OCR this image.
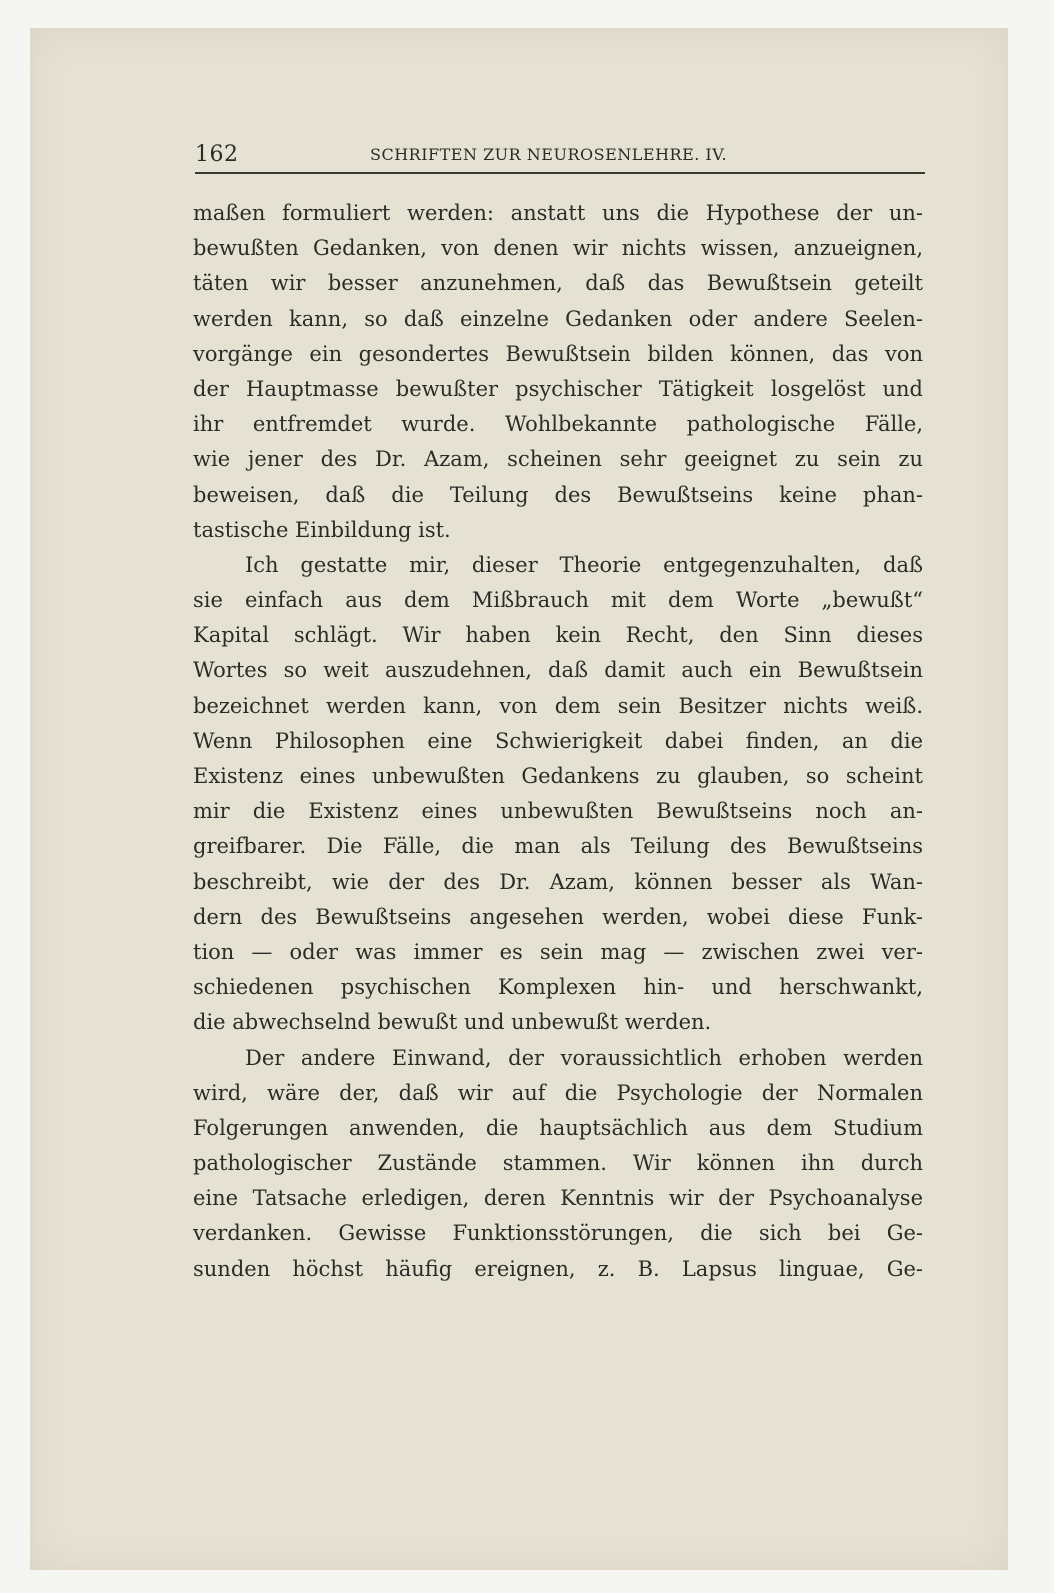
162	SCHRIFTEN ZUR NEUROSENLEHRE. IV.
maßen formuliert werden: anstatt uns die Hypothese der un-
bewußten Gedanken, von denen wir nichts wissen, anzueignen,
täten wir besser anzunehmen, daß das Bewußtsein geteilt
werden kann, so daß einzelne Gedanken oder andere Seelen-
vorgänge ein gesondertes Bewußtsein bilden können, das von
der Hauptmasse bewußter psychischer Tätigkeit losgelöst und
ihr entfremdet wurde. Wohlbekannte pathologische Fälle,
wie jener des Dr. Azam, scheinen sehr geeignet zu sein zu
beweisen, daß die Teilung des Bewußtseins keine phan-
tastische Einbildung ist.
Ich gestatte mir, dieser Theorie entgegenzuhalten, daß
sie einfach aus dem Mißbrauch mit dem Worte „bewußt“
Kapital schlägt. Wir haben kein Recht, den Sinn dieses
Wortes so weit auszudehnen, daß damit auch ein Bewußtsein
bezeichnet werden kann, von dem sein Besitzer nichts weiß.
Wenn Philosophen eine Schwierigkeit dabei finden, an die
Existenz eines unbewußten Gedankens zu glauben, so scheint
mir die Existenz eines unbewußten Bewußtseins noch an-
greifbarer. Die Fälle, die man als Teilung des Bewußtseins
beschreibt, wie der des Dr. Azam, können besser als Wan-
dern des Bewußtseins angesehen werden, wobei diese Funk-
tion — oder was immer es sein mag — zwischen zwei ver-
schiedenen psychischen Komplexen hin- und herschwankt,
die abwechselnd bewußt und unbewußt werden.
Der andere Einwand, der voraussichtlich erhoben werden
wird, wäre der, daß wir auf die Psychologie der Normalen
Folgerungen anwenden, die hauptsächlich aus dem Studium
pathologischer Zustände stammen. Wir können ihn durch
eine Tatsache erledigen, deren Kenntnis wir der Psychoanalyse
verdanken. Gewisse Funktionsstörungen, die sich bei Ge-
sunden höchst häufig ereignen, z. B. Lapsus linguae, Ge-
